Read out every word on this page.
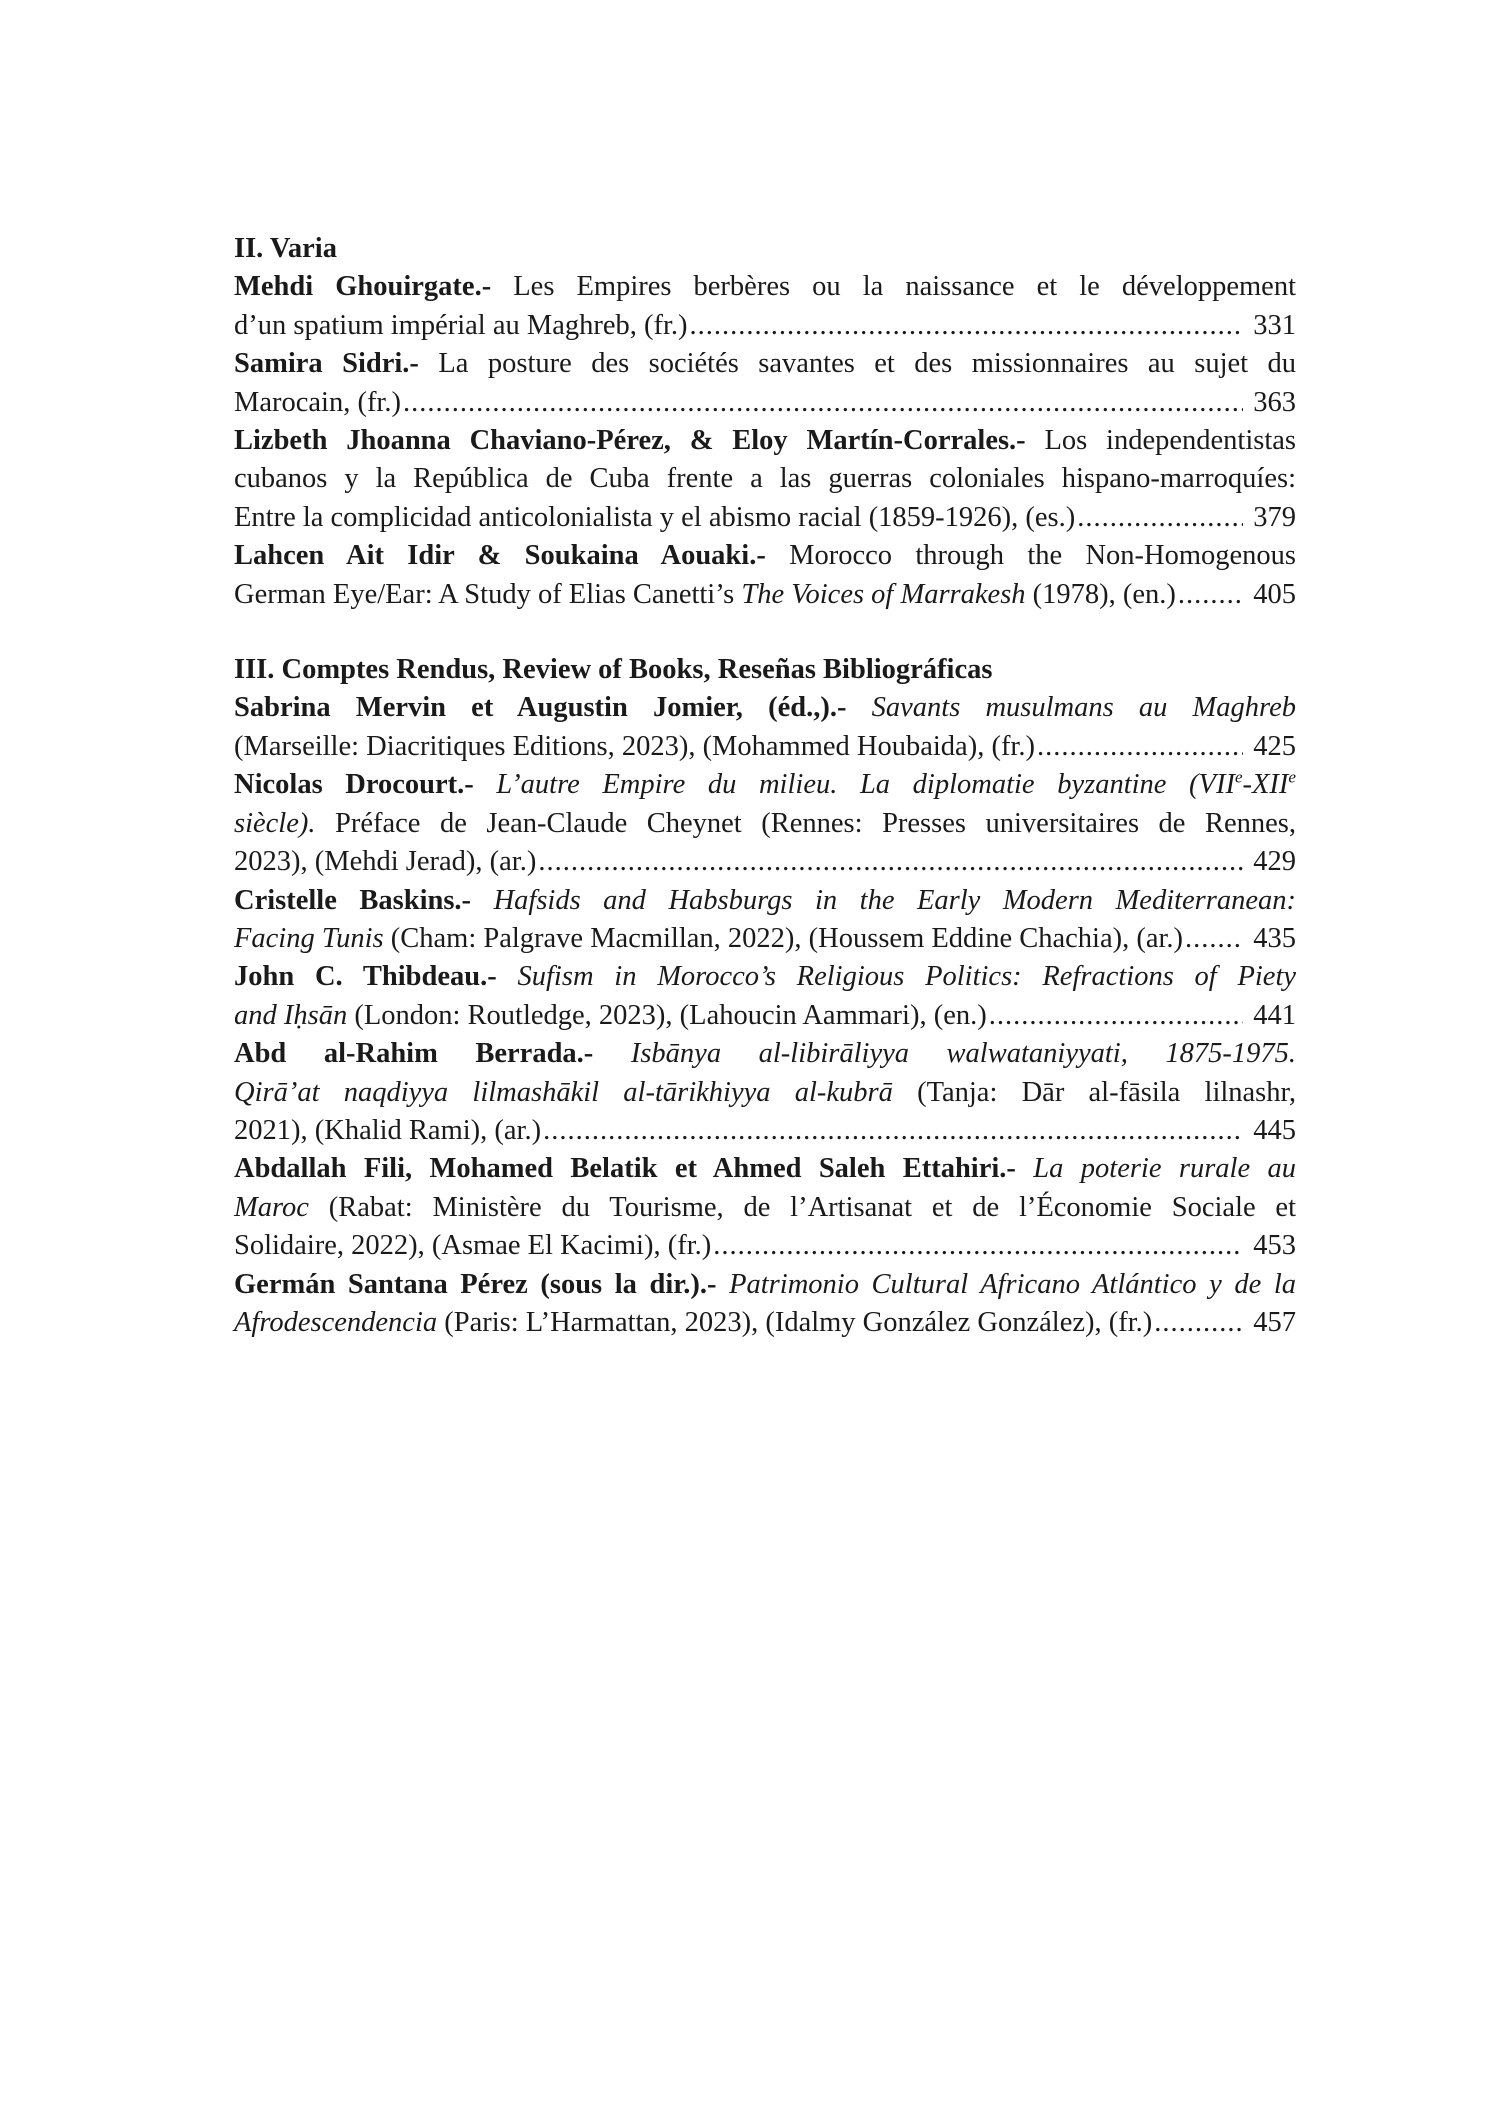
II. Varia

Mehdi Ghouirgate.- Les Empires berbères ou la naissance et le développement
d’un spatium impérial au Maghreb, (fr.) .....	331
Samira Sidri.- La posture des sociétés savantes et des missionnaires au sujet du
Marocain, (fr.) .....	363
Lizbeth Jhoanna Chaviano-Pérez, & Eloy Martín-Corrales.- Los independentistas
cubanos y la República de Cuba frente a las guerras coloniales hispano-marroquíes:
Entre la complicidad anticolonialista y el abismo racial (1859-1926), (es.) .....	379
Lahcen Ait Idir & Soukaina Aouaki.- Morocco through the Non-Homogenous
German Eye/Ear: A Study of Elias Canetti’s The Voices of Marrakesh (1978), (en.) .....	405

III. Comptes Rendus, Review of Books, Reseñas Bibliográficas

Sabrina Mervin et Augustin Jomier, (éd.,).- Savants musulmans au Maghreb
(Marseille: Diacritiques Editions, 2023), (Mohammed Houbaida), (fr.) .....	425
Nicolas Drocourt.- L’autre Empire du milieu. La diplomatie byzantine (VIIe-XIIe
siècle). Préface de Jean-Claude Cheynet (Rennes: Presses universitaires de Rennes,
2023), (Mehdi Jerad), (ar.) .....	429
Cristelle Baskins.- Hafsids and Habsburgs in the Early Modern Mediterranean:
Facing Tunis (Cham: Palgrave Macmillan, 2022), (Houssem Eddine Chachia), (ar.) ..... 435
John C. Thibdeau.- Sufism in Morocco’s Religious Politics: Refractions of Piety
and Iḥsān (London: Routledge, 2023), (Lahoucin Aammari), (en.) .....	441
Abd al-Rahim Berrada.- Isbānya al-libirāliyya walwataniyyati, 1875-1975.
Qirā’at naqdiyya lilmashākil al-tārikhiyya al-kubrā (Tanja: Dār al-fāsila lilnashr,
2021), (Khalid Rami), (ar.) .....	445
Abdallah Fili, Mohamed Belatik et Ahmed Saleh Ettahiri.- La poterie rurale au
Maroc (Rabat: Ministère du Tourisme, de l’Artisanat et de l’Économie Sociale et
Solidaire, 2022), (Asmae El Kacimi), (fr.) .....	453
Germán Santana Pérez (sous la dir.).- Patrimonio Cultural Africano Atlántico y de la
Afrodescendencia (Paris: L’Harmattan, 2023), (Idalmy González González), (fr.) .....	457
